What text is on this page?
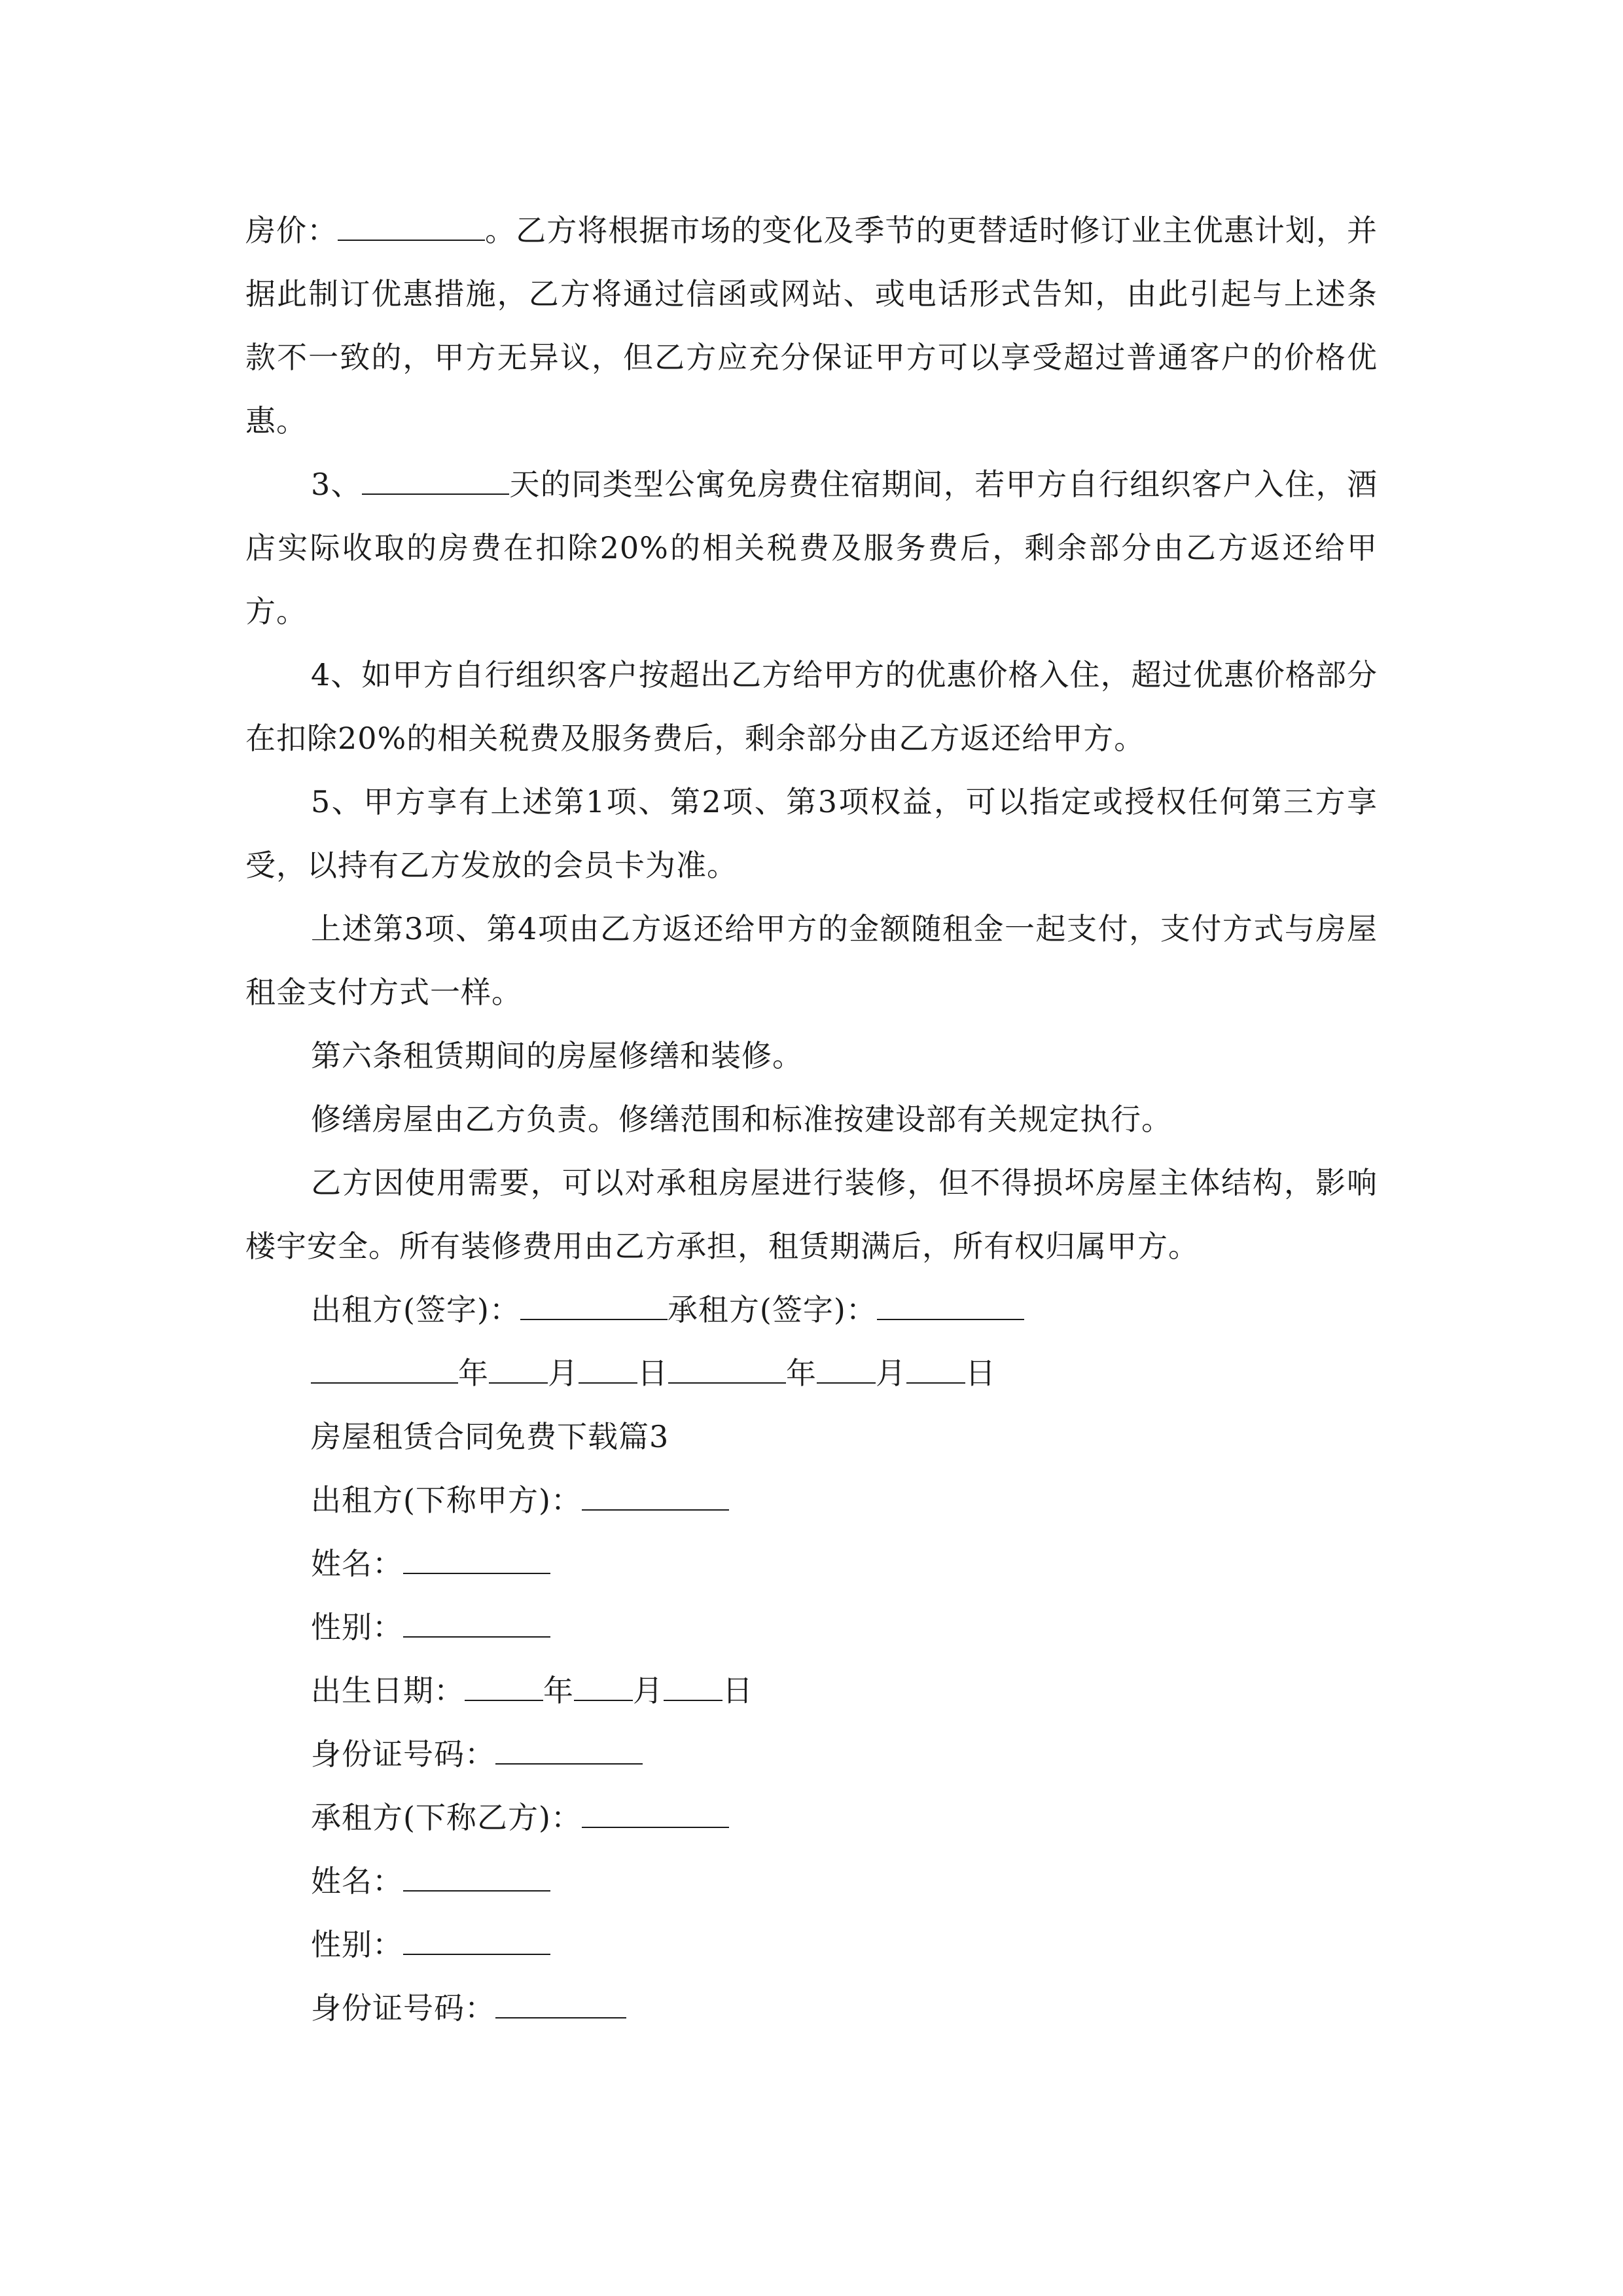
房价：	。乙方将根据市场的变化及季节的更替适时修订业主优惠计划，并据此制订优惠措施，乙方将通过信函或网站、或电话形式告知，由此引起与上述条款不一致的，甲方无异议，但乙方应充分保证甲方可以享受超过普通客户的价格优惠。

3、	天的同类型公寓免房费住宿期间，若甲方自行组织客户入住，酒店实际收取的房费在扣除20%的相关税费及服务费后，剩余部分由乙方返还给甲方。

4、如甲方自行组织客户按超出乙方给甲方的优惠价格入住，超过优惠价格部分在扣除20%的相关税费及服务费后，剩余部分由乙方返还给甲方。

5、甲方享有上述第1项、第2项、第3项权益，可以指定或授权任何第三方享受，以持有乙方发放的会员卡为准。

上述第3项、第4项由乙方返还给甲方的金额随租金一起支付，支付方式与房屋租金支付方式一样。

第六条租赁期间的房屋修缮和装修。

修缮房屋由乙方负责。修缮范围和标准按建设部有关规定执行。

乙方因使用需要，可以对承租房屋进行装修，但不得损坏房屋主体结构，影响楼宇安全。所有装修费用由乙方承担，租赁期满后，所有权归属甲方。

出租方(签字)：	承租方(签字)：

年 月 日	年 月 日

房屋租赁合同免费下载篇3

出租方(下称甲方)：

姓名：

性别：

出生日期：	年 月 日

身份证号码：

承租方(下称乙方)：

姓名：

性别：

身份证号码：
